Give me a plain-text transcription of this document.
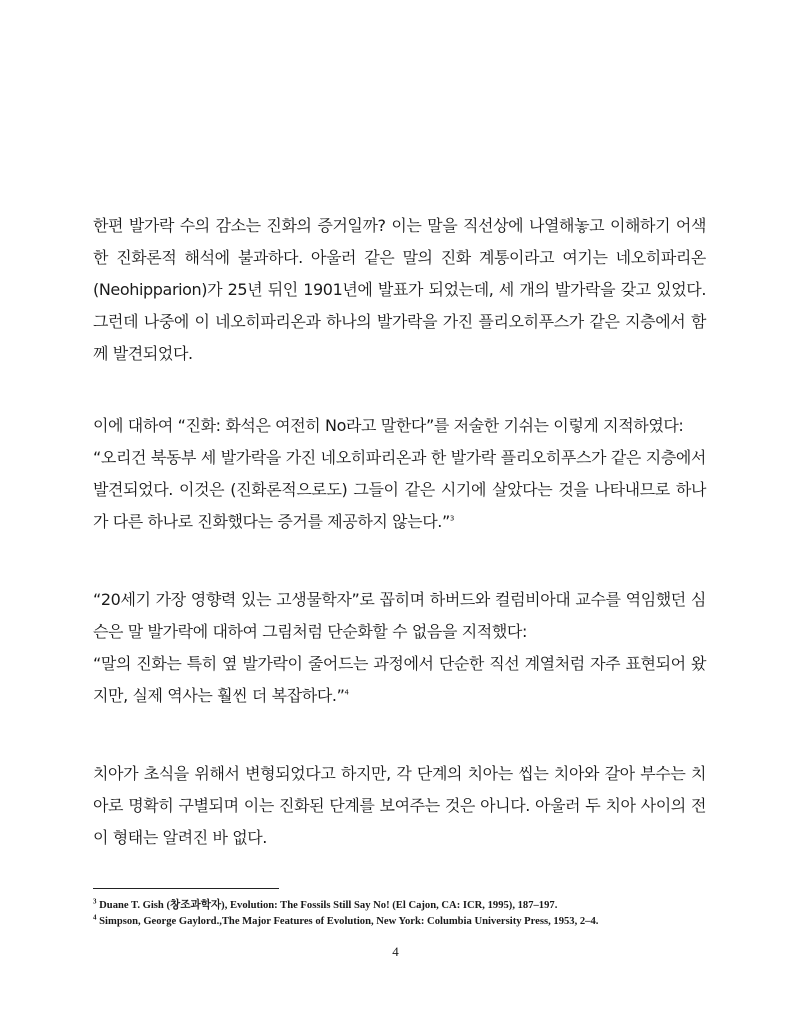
한편 발가락 수의 감소는 진화의 증거일까? 이는 말을 직선상에 나열해놓고 이해하기 어색한 진화론적 해석에 불과하다. 아울러 같은 말의 진화 계통이라고 여기는 네오히파리온(Neohipparion)가 25년 뒤인 1901년에 발표가 되었는데, 세 개의 발가락을 갖고 있었다. 그런데 나중에 이 네오히파리온과 하나의 발가락을 가진 플리오히푸스가 같은 지층에서 함께 발견되었다.

이에 대하여 “진화: 화석은 여전히 No라고 말한다”를 저술한 기쉬는 이렇게 지적하였다:

“오리건 북동부 세 발가락을 가진 네오히파리온과 한 발가락 플리오히푸스가 같은 지층에서 발견되었다. 이것은 (진화론적으로도) 그들이 같은 시기에 살았다는 것을 나타내므로 하나가 다른 하나로 진화했다는 증거를 제공하지 않는다.”$^3$

“20세기 가장 영향력 있는 고생물학자”로 꼽히며 하버드와 컬럼비아대 교수를 역임했던 심슨은 말 발가락에 대하여 그림처럼 단순화할 수 없음을 지적했다:

“말의 진화는 특히 옆 발가락이 줄어드는 과정에서 단순한 직선 계열처럼 자주 표현되어 왔지만, 실제 역사는 훨씬 더 복잡하다.”$^4$

치아가 초식을 위해서 변형되었다고 하지만, 각 단계의 치아는 씹는 치아와 갈아 부수는 치아로 명확히 구별되며 이는 진화된 단계를 보여주는 것은 아니다. 아울러 두 치아 사이의 전이 형태는 알려진 바 없다.

$^3$ Duane T. Gish (창조과학자), Evolution: The Fossils Still Say No! (El Cajon, CA: ICR, 1995), 187–197.

$^4$ Simpson, George Gaylord.,The Major Features of Evolution, New York: Columbia University Press, 1953, 2–4.

4
